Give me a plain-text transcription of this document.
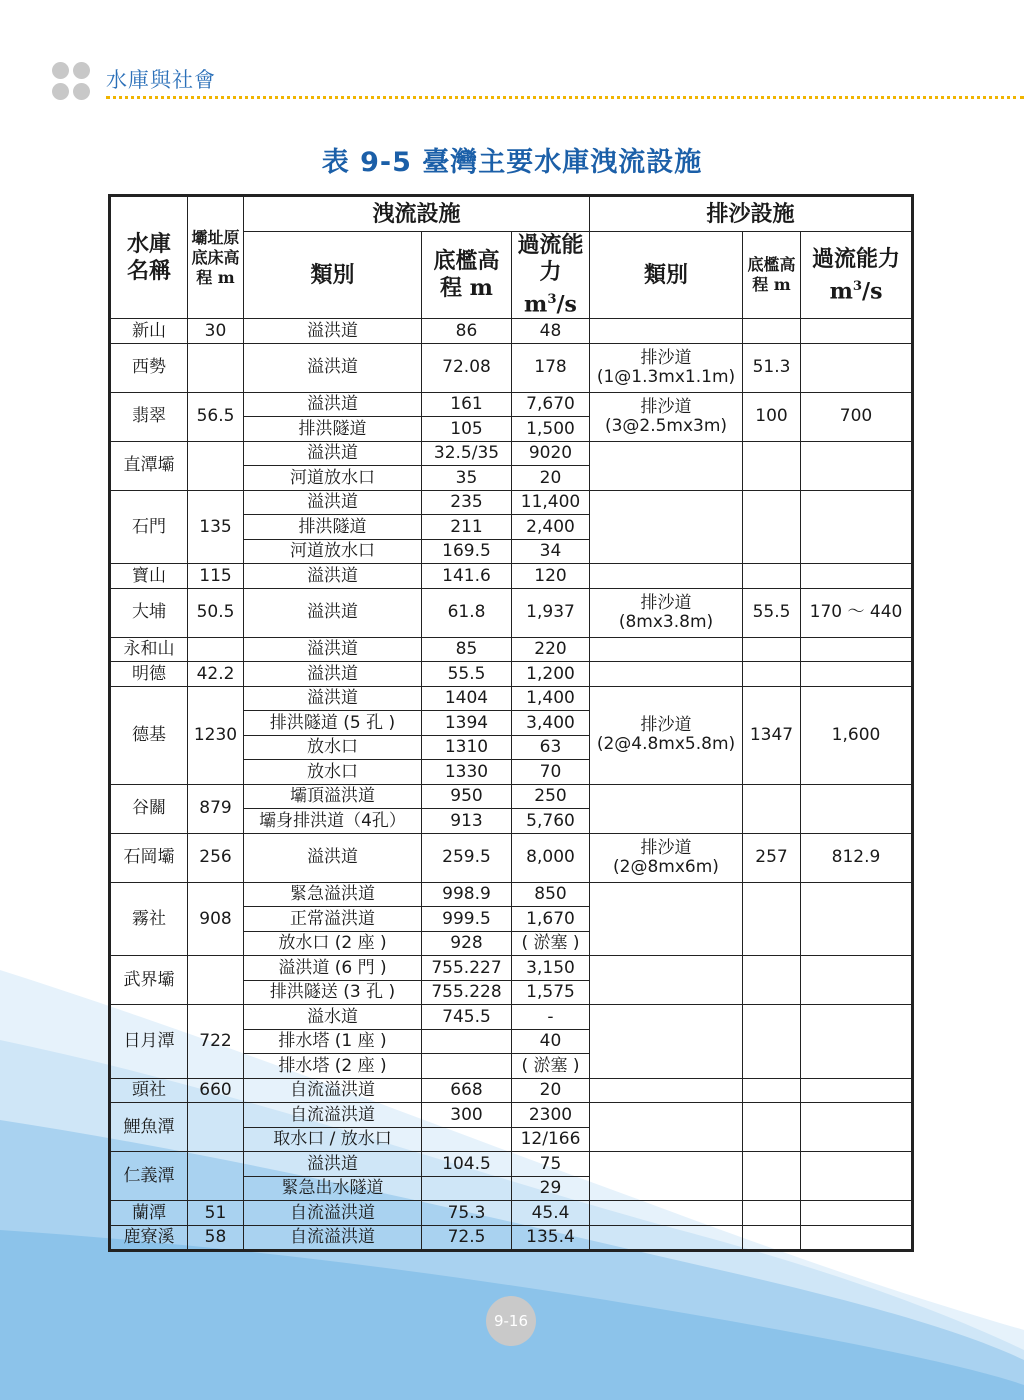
水庫與社會
表 9-5 臺灣主要水庫洩流設施
水庫名稱	壩址原底床高程 m	洩流設施			排沙設施		
		類別	底檻高程 m	過流能力 $m^3/s$	類別	底檻高程 m	過流能力 $m^3/s$
新山	30	溢洪道	86	48			
西勢		溢洪道	72.08	178	排沙道 (1@1.3mx1.1m)	51.3	
翡翠	56.5	溢洪道	161	7,670	排沙道 (3@2.5mx3m)	100	700
		排洪隧道	105	1,500			
直潭壩		溢洪道	32.5/35	9020			
		河道放水口	35	20			
石門	135	溢洪道	235	11,400			
		排洪隧道	211	2,400			
		河道放水口	169.5	34			
寶山	115	溢洪道	141.6	120			
大埔	50.5	溢洪道	61.8	1,937	排沙道 (8mx3.8m)	55.5	170 ～ 440
永和山		溢洪道	85	220			
明德	42.2	溢洪道	55.5	1,200			
德基	1230	溢洪道	1404	1,400	排沙道 (2@4.8mx5.8m)	1347	1,600
		排洪隧道 (5 孔 )	1394	3,400			
		放水口	1310	63			
		放水口	1330	70			
谷關	879	壩頂溢洪道	950	250			
		壩身排洪道（4孔）	913	5,760			
石岡壩	256	溢洪道	259.5	8,000	排沙道 (2@8mx6m)	257	812.9
霧社	908	緊急溢洪道	998.9	850			
		正常溢洪道	999.5	1,670			
		放水口 (2 座 )	928	( 淤塞 )			
武界壩		溢洪道 (6 門 )	755.227	3,150			
		排洪隧送 (3 孔 )	755.228	1,575			
日月潭	722	溢水道	745.5	-			
		排水塔 (1 座 )		40			
		排水塔 (2 座 )		( 淤塞 )			
頭社	660	自流溢洪道	668	20			
鯉魚潭		自流溢洪道	300	2300			
		取水口 / 放水口		12/166			
仁義潭		溢洪道	104.5	75			
		緊急出水隧道		29			
蘭潭	51	自流溢洪道	75.3	45.4			
鹿寮溪	58	自流溢洪道	72.5	135.4			
9-16
